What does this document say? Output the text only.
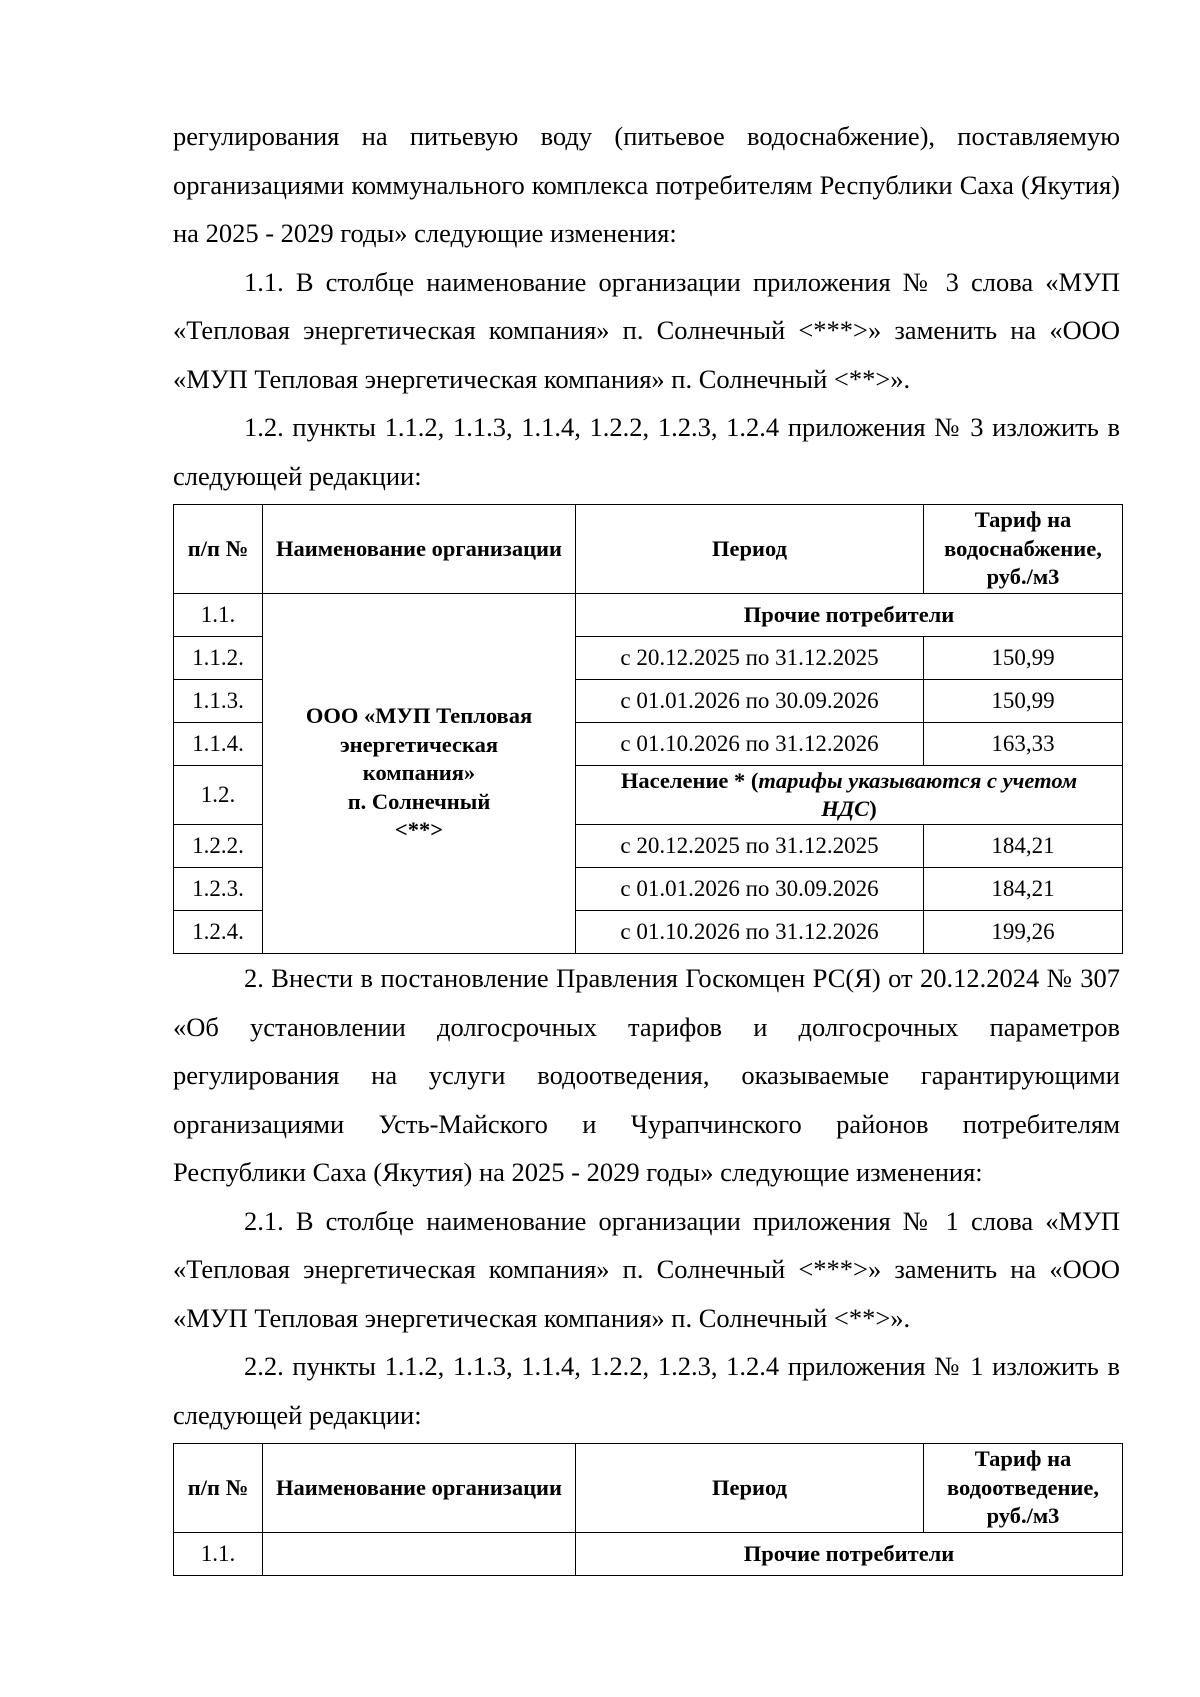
регулирования на питьевую воду (питьевое водоснабжение), поставляемую организациями коммунального комплекса потребителям Республики Саха (Якутия) на 2025 - 2029 годы» следующие изменения:

1.1. В столбце наименование организации приложения № 3 слова «МУП «Тепловая энергетическая компания» п. Солнечный <***>» заменить на «ООО «МУП Тепловая энергетическая компания» п. Солнечный <**>».

1.2. пункты 1.1.2, 1.1.3, 1.1.4, 1.2.2, 1.2.3, 1.2.4 приложения № 3 изложить в следующей редакции:

п/п №	Наименование организации	Период	Тариф на водоснабжение, руб./м3
1.1.	ООО «МУП Тепловая
энергетическая
компания»
п. Солнечный
<**>	Прочие потребители	
1.1.2.		с 20.12.2025 по 31.12.2025	150,99
1.1.3.		с 01.01.2026 по 30.09.2026	150,99
1.1.4.		с 01.10.2026 по 31.12.2026	163,33
1.2.		Население * (тарифы указываются с учетом НДС)	
1.2.2.		с 20.12.2025 по 31.12.2025	184,21
1.2.3.		с 01.01.2026 по 30.09.2026	184,21
1.2.4.		с 01.10.2026 по 31.12.2026	199,26

2. Внести в постановление Правления Госкомцен РС(Я) от 20.12.2024 № 307 «Об установлении долгосрочных тарифов и долгосрочных параметров регулирования на услуги водоотведения, оказываемые гарантирующими организациями Усть-Майского и Чурапчинского районов потребителям Республики Саха (Якутия) на 2025 - 2029 годы» следующие изменения:

2.1. В столбце наименование организации приложения № 1 слова «МУП «Тепловая энергетическая компания» п. Солнечный <***>» заменить на «ООО «МУП Тепловая энергетическая компания» п. Солнечный <**>».

2.2. пункты 1.1.2, 1.1.3, 1.1.4, 1.2.2, 1.2.3, 1.2.4 приложения № 1 изложить в следующей редакции:

п/п №	Наименование организации	Период	Тариф на водоотведение, руб./м3
1.1.		Прочие потребители	
